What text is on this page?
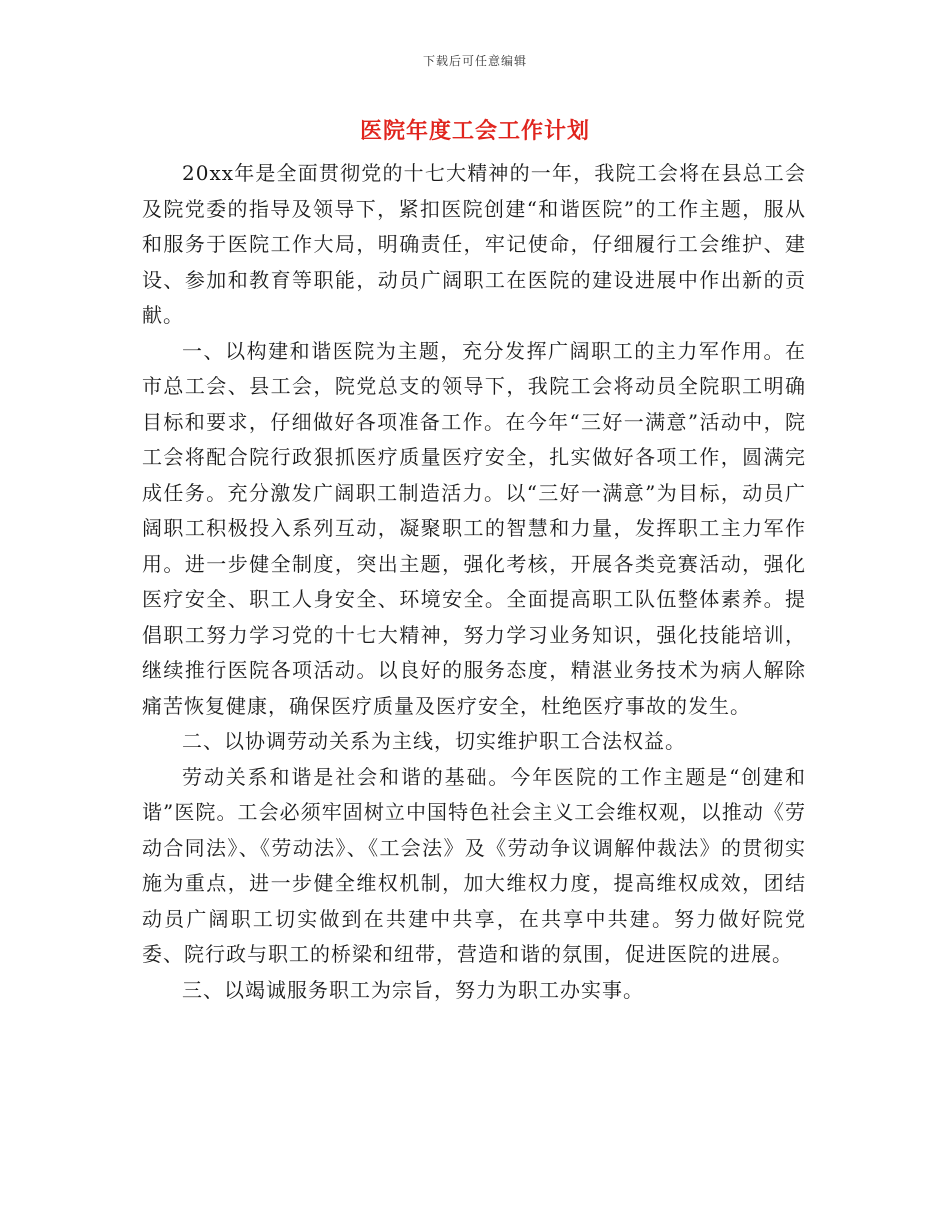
下载后可任意编辑
医院年度工会工作计划

20xx年是全面贯彻党的十七大精神的一年，我院工会将在县总工会及院党委的指导及领导下，紧扣医院创建“和谐医院”的工作主题，服从和服务于医院工作大局，明确责任，牢记使命，仔细履行工会维护、建设、参加和教育等职能，动员广阔职工在医院的建设进展中作出新的贡献。

一、以构建和谐医院为主题，充分发挥广阔职工的主力军作用。在市总工会、县工会，院党总支的领导下，我院工会将动员全院职工明确目标和要求，仔细做好各项准备工作。在今年“三好一满意”活动中，院工会将配合院行政狠抓医疗质量医疗安全，扎实做好各项工作，圆满完成任务。充分激发广阔职工制造活力。以“三好一满意”为目标，动员广阔职工积极投入系列互动，凝聚职工的智慧和力量，发挥职工主力军作用。进一步健全制度，突出主题，强化考核，开展各类竞赛活动，强化医疗安全、职工人身安全、环境安全。全面提高职工队伍整体素养。提倡职工努力学习党的十七大精神，努力学习业务知识，强化技能培训，继续推行医院各项活动。以良好的服务态度，精湛业务技术为病人解除痛苦恢复健康，确保医疗质量及医疗安全，杜绝医疗事故的发生。

二、以协调劳动关系为主线，切实维护职工合法权益。

劳动关系和谐是社会和谐的基础。今年医院的工作主题是“创建和谐”医院。工会必须牢固树立中国特色社会主义工会维权观，以推动《劳动合同法》、《劳动法》、《工会法》及《劳动争议调解仲裁法》的贯彻实施为重点，进一步健全维权机制，加大维权力度，提高维权成效，团结动员广阔职工切实做到在共建中共享，在共享中共建。努力做好院党委、院行政与职工的桥梁和纽带，营造和谐的氛围，促进医院的进展。

三、以竭诚服务职工为宗旨，努力为职工办实事。
